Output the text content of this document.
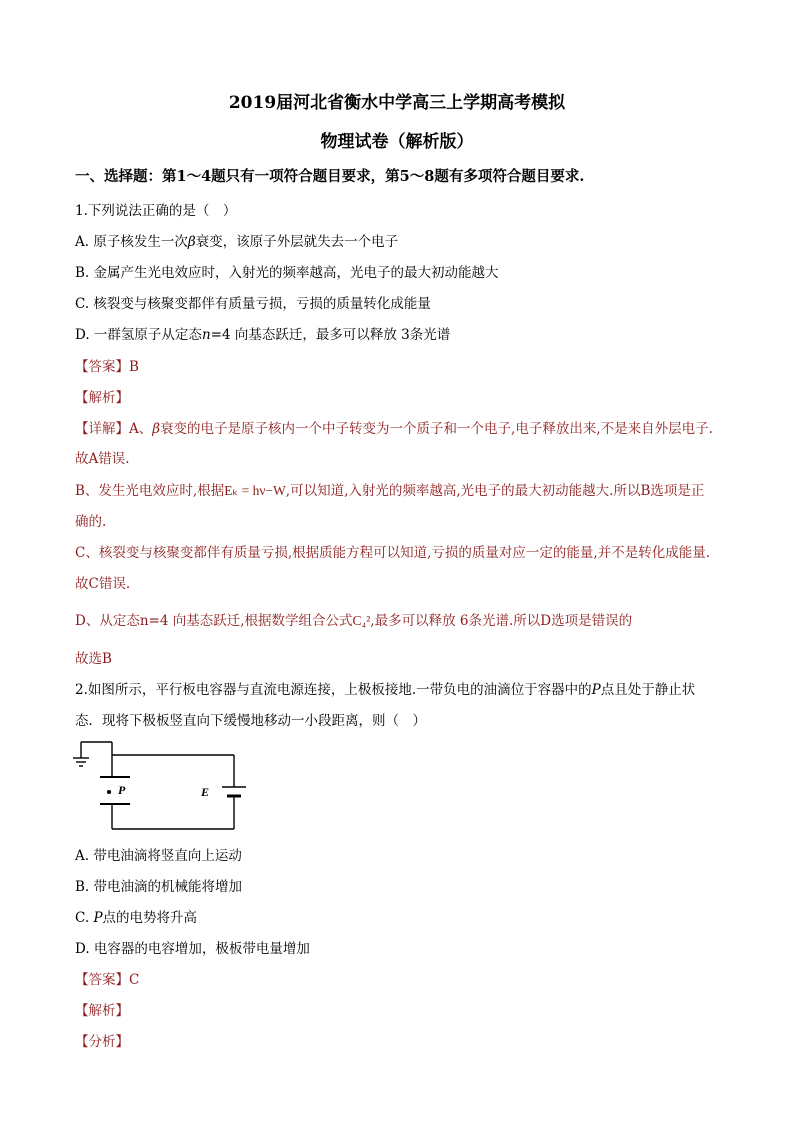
2019届河北省衡水中学高三上学期高考模拟
物理试卷（解析版）
一、选择题：第1～4题只有一项符合题目要求，第5～8题有多项符合题目要求.
1.下列说法正确的是（　）
A. 原子核发生一次β衰变，该原子外层就失去一个电子
B. 金属产生光电效应时，入射光的频率越高，光电子的最大初动能越大
C. 核裂变与核聚变都伴有质量亏损，亏损的质量转化成能量
D. 一群氢原子从定态n=4 向基态跃迁，最多可以释放 3条光谱
【答案】B
【解析】
【详解】A、β衰变的电子是原子核内一个中子转变为一个质子和一个电子,电子释放出来,不是来自外层电子.
故A错误.
B、发生光电效应时,根据Eₖ = hν−W,可以知道,入射光的频率越高,光电子的最大初动能越大.所以B选项是正
确的.
C、核裂变与核聚变都伴有质量亏损,根据质能方程可以知道,亏损的质量对应一定的能量,并不是转化成能量.
故C错误.
D、从定态n=4 向基态跃迁,根据数学组合公式C₄²,最多可以释放 6条光谱.所以D选项是错误的
故选B
2.如图所示，平行板电容器与直流电源连接，上极板接地.一带负电的油滴位于容器中的P点且处于静止状
态．现将下极板竖直向下缓慢地移动一小段距离，则（　）
P	E
A. 带电油滴将竖直向上运动
B. 带电油滴的机械能将增加
C. P点的电势将升高
D. 电容器的电容增加，极板带电量增加
【答案】C
【解析】
【分析】
